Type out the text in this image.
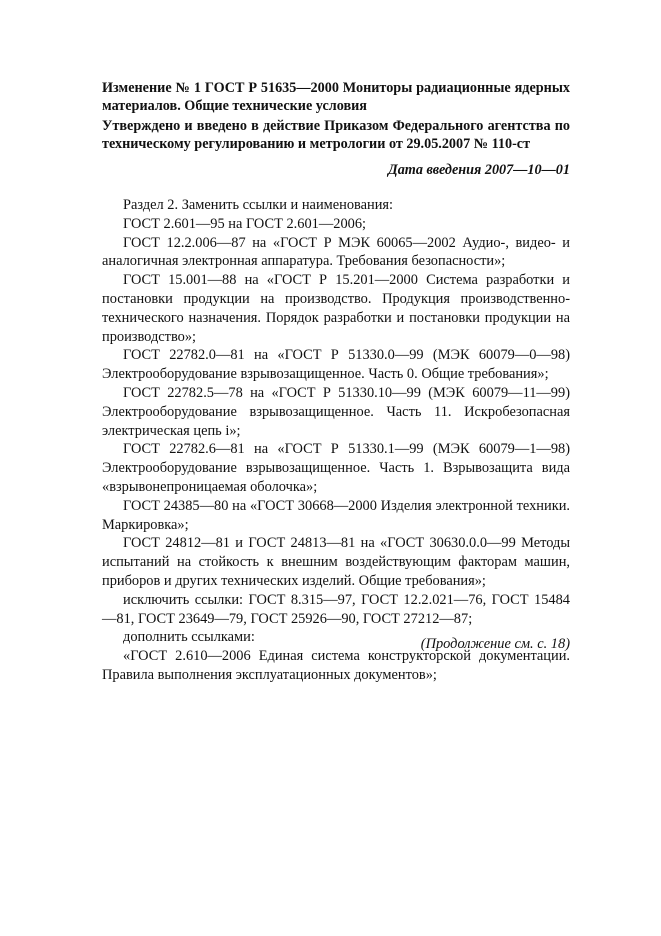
Изменение № 1 ГОСТ Р 51635—2000 Мониторы радиационные ядерных материалов. Общие технические условия

Утверждено и введено в действие Приказом Федерального агентства по техническому регулированию и метрологии от 29.05.2007 № 110-ст

Дата введения 2007—10—01

Раздел 2. Заменить ссылки и наименования:

ГОСТ 2.601—95 на ГОСТ 2.601—2006;

ГОСТ 12.2.006—87 на «ГОСТ Р МЭК 60065—2002 Аудио-, видео- и аналогичная электронная аппаратура. Требования безопасности»;

ГОСТ 15.001—88 на «ГОСТ Р 15.201—2000 Система разработки и постановки продукции на производство. Продукция производственно-технического назначения. Порядок разработки и постановки продукции на производство»;

ГОСТ 22782.0—81 на «ГОСТ Р 51330.0—99 (МЭК 60079—0—98) Электрооборудование взрывозащищенное. Часть 0. Общие требования»;

ГОСТ 22782.5—78 на «ГОСТ Р 51330.10—99 (МЭК 60079—11—99) Электрооборудование взрывозащищенное. Часть 11. Искробезопасная электрическая цепь i»;

ГОСТ 22782.6—81 на «ГОСТ Р 51330.1—99 (МЭК 60079—1—98) Электрооборудование взрывозащищенное. Часть 1. Взрывозащита вида «взрывонепроницаемая оболочка»;

ГОСТ 24385—80 на «ГОСТ 30668—2000 Изделия электронной техники. Маркировка»;

ГОСТ 24812—81 и ГОСТ 24813—81 на «ГОСТ 30630.0.0—99 Методы испытаний на стойкость к внешним воздействующим факторам машин, приборов и других технических изделий. Общие требования»;

исключить ссылки: ГОСТ 8.315—97, ГОСТ 12.2.021—76, ГОСТ 15484—81, ГОСТ 23649—79, ГОСТ 25926—90, ГОСТ 27212—87;

дополнить ссылками:

«ГОСТ 2.610—2006 Единая система конструкторской документации. Правила выполнения эксплуатационных документов»;

(Продолжение см. с. 18)
